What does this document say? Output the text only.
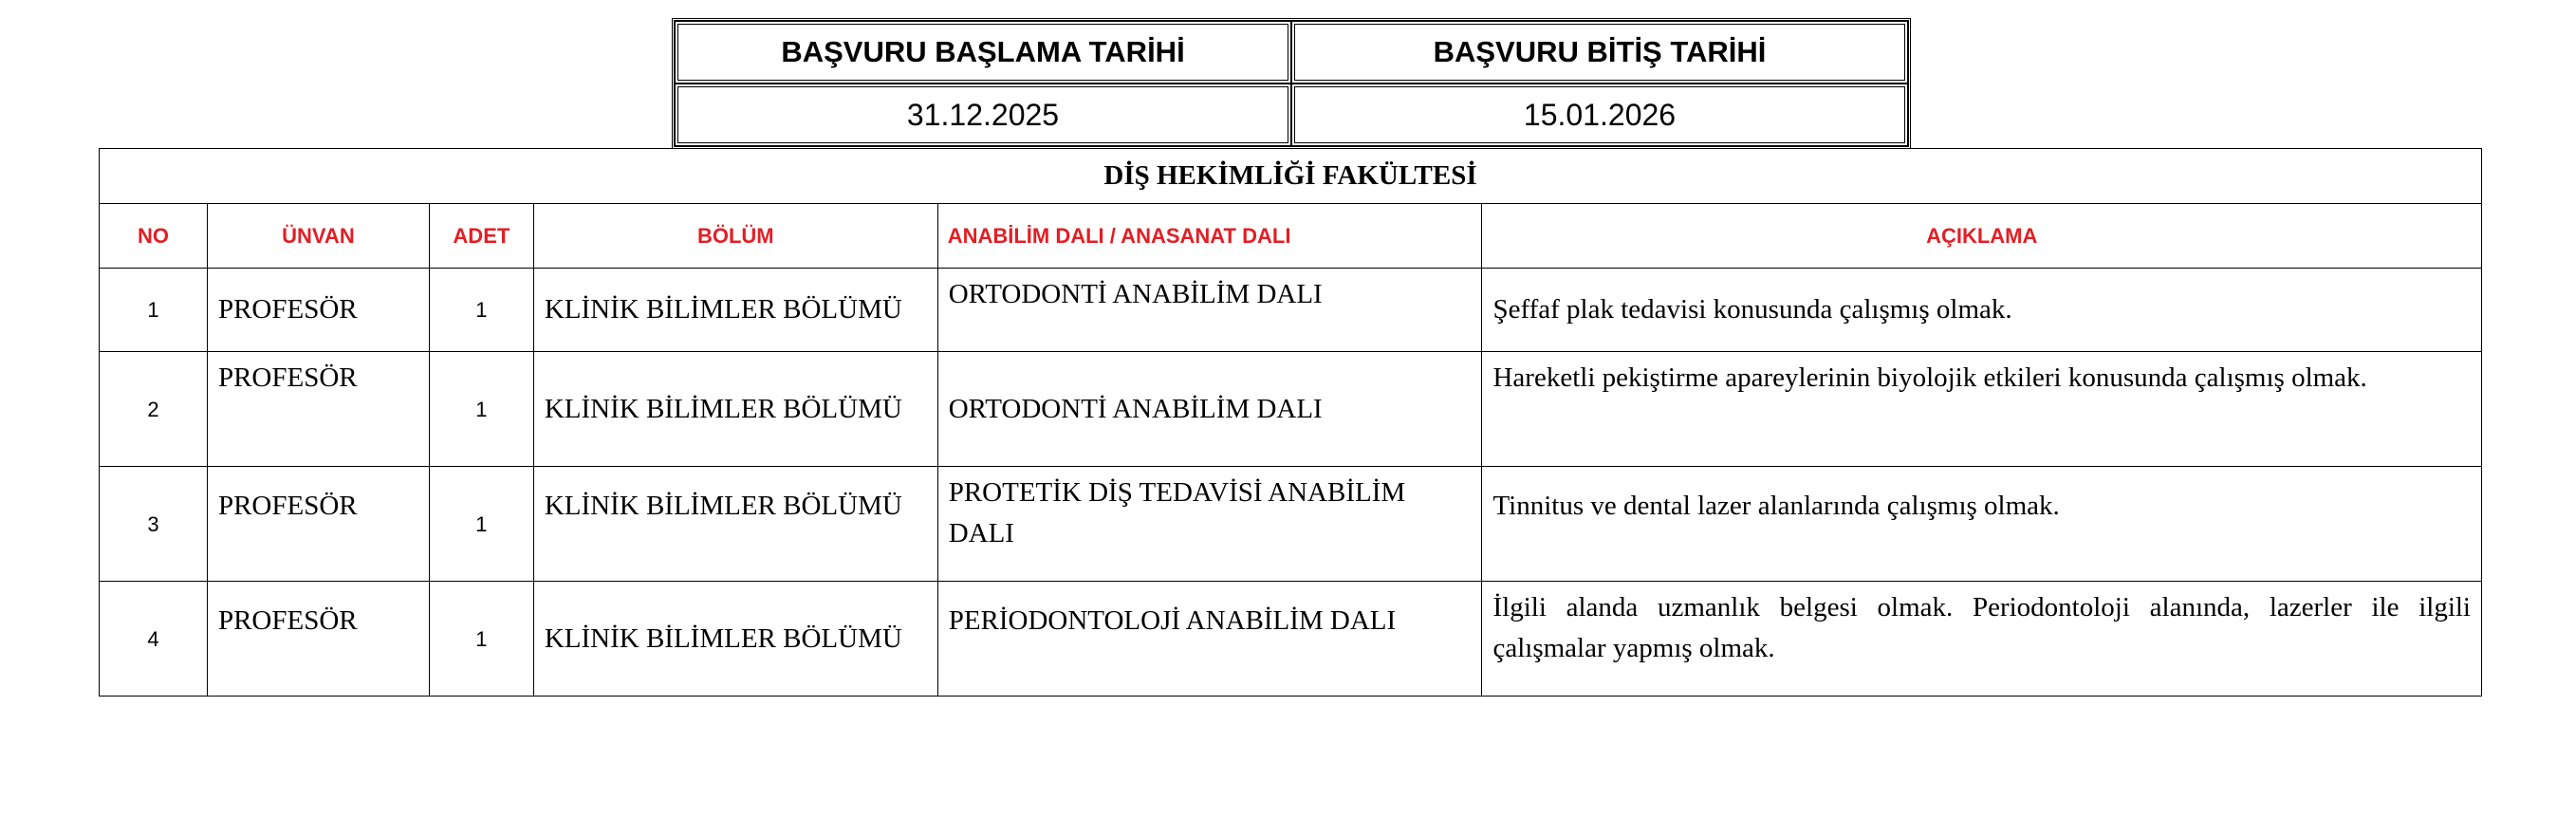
BAŞVURU BAŞLAMA TARİHİ	BAŞVURU BİTİŞ TARİHİ
31.12.2025	15.01.2026
DİŞ HEKİMLİĞİ FAKÜLTESİ					
NO	ÜNVAN	ADET	BÖLÜM	ANABİLİM DALI / ANASANAT DALI	AÇIKLAMA
1	PROFESÖR	1	KLİNİK BİLİMLER BÖLÜMÜ	ORTODONTİ ANABİLİM DALI	Şeffaf plak tedavisi konusunda çalışmış olmak.
2	PROFESÖR	1	KLİNİK BİLİMLER BÖLÜMÜ	ORTODONTİ ANABİLİM DALI	Hareketli pekiştirme apareylerinin biyolojik etkileri konusunda çalışmış olmak.
3	PROFESÖR	1	KLİNİK BİLİMLER BÖLÜMÜ	PROTETİK DİŞ TEDAVİSİ ANABİLİM DALI	Tinnitus ve dental lazer alanlarında çalışmış olmak.
4	PROFESÖR	1	KLİNİK BİLİMLER BÖLÜMÜ	PERİODONTOLOJİ ANABİLİM DALI	İlgili alanda uzmanlık belgesi olmak. Periodontoloji alanında, lazerler ile ilgili çalışmalar yapmış olmak.
